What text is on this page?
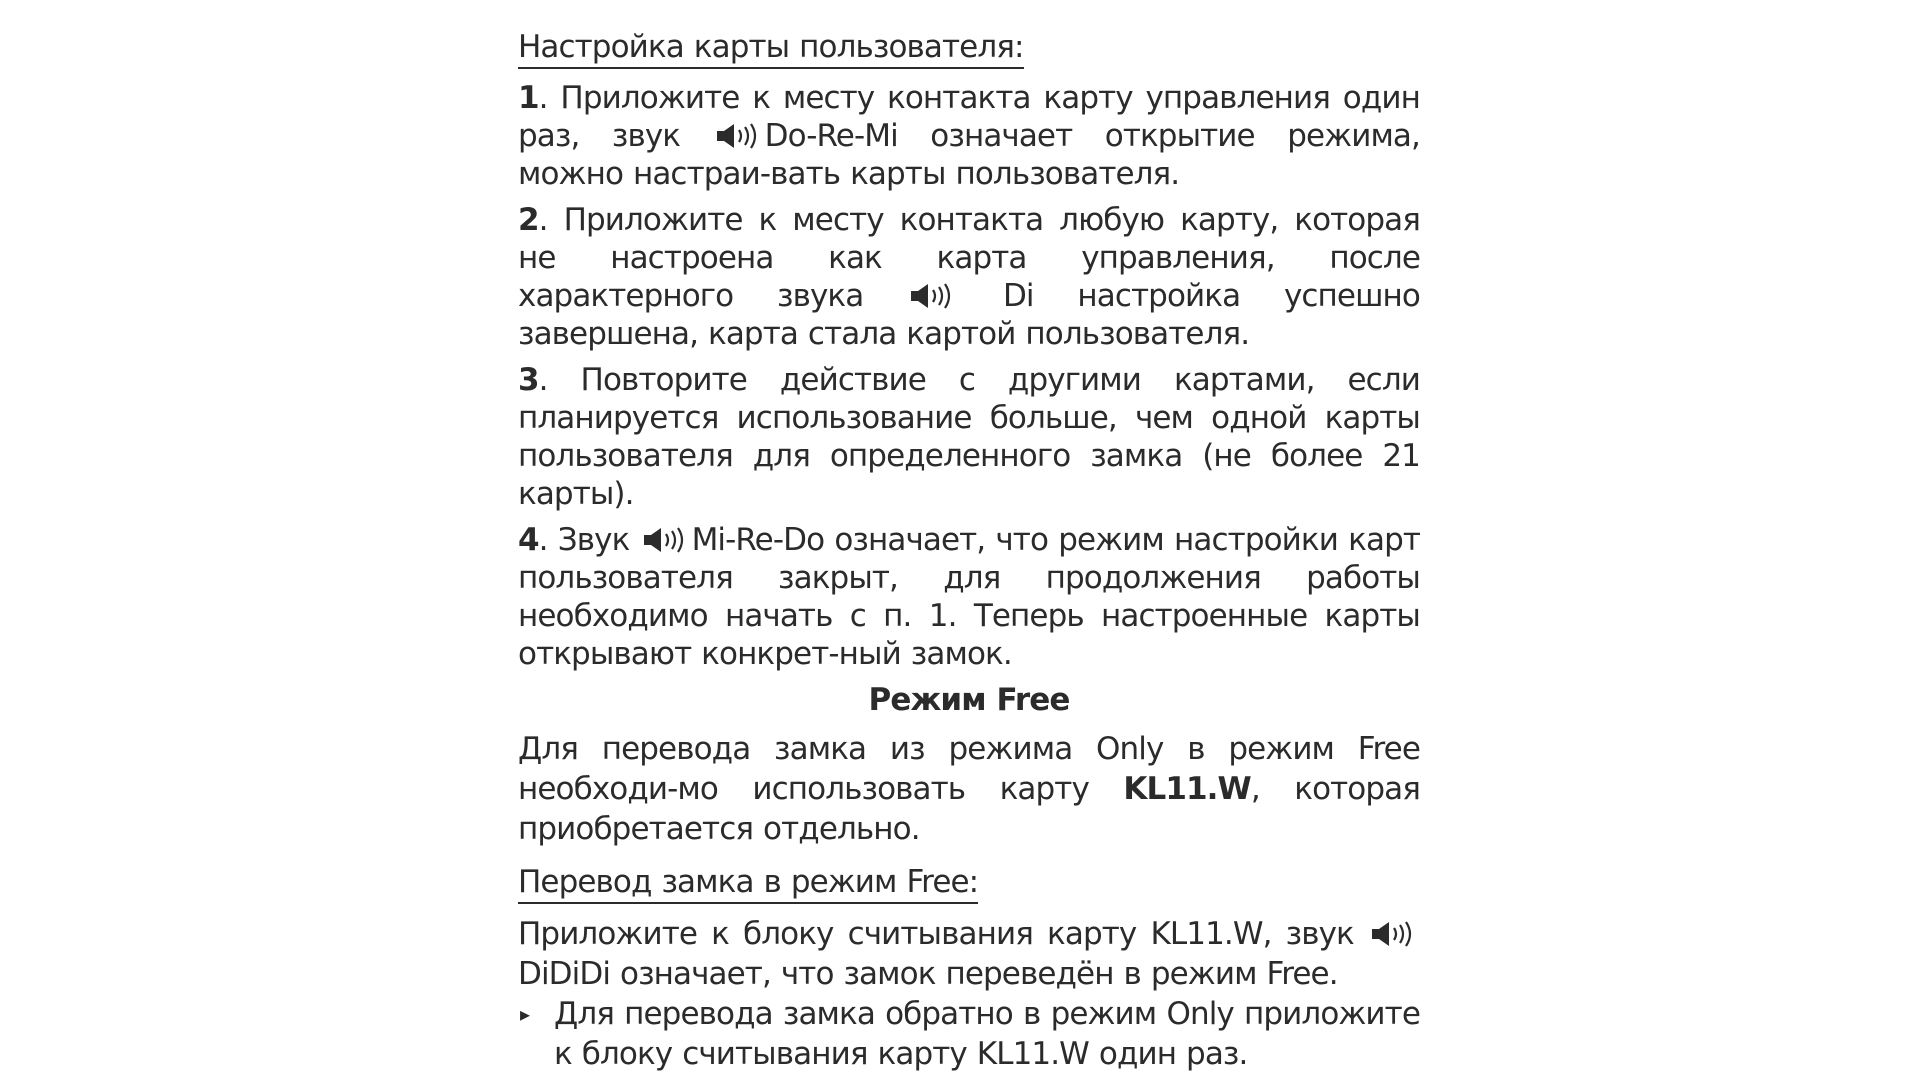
Настройка карты пользователя:

1. Приложите к месту контакта карту управления один раз, звук	Do-Re-Mi означает открытие режима, можно настраи-вать карты пользователя.

2. Приложите к месту контакта любую карту, которая не настроена как карта управления, после характерного звука	Di настройка успешно завершена, карта стала картой пользователя.

3. Повторите действие с другими картами, если планируется использование больше, чем одной карты пользователя для определенного замка (не более 21 карты).

4. Звук Mi-Re-Do означает, что режим настройки карт пользователя закрыт, для продолжения работы необходимо начать с п. 1. Теперь настроенные карты открывают конкрет-ный замок.

Режим Free

Для перевода замка из режима Only в режим Free необходи-мо использовать карту KL11.W, которая приобретается отдельно.

Перевод замка в режим Free:

Приложите к блоку считывания карту KL11.W, звук
DiDiDi означает, что замок переведён в режим Free.

▸ Для перевода замка обратно в режим Only приложите к блоку считывания карту KL11.W один раз.
